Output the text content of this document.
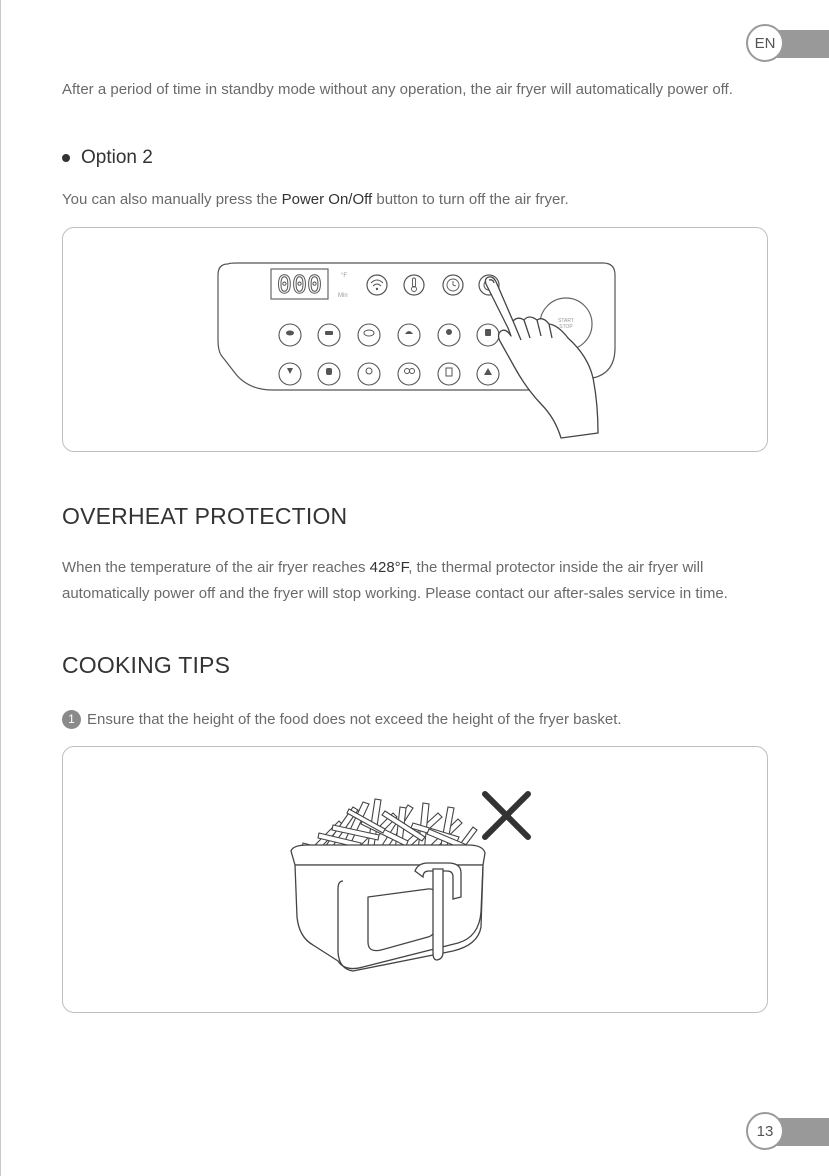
EN

After a period of time in standby mode without any operation, the air fryer will automatically power off.

Option 2

You can also manually press the Power On/Off button to turn off the air fryer.

000	°F
Min
START
STOP
OVERHEAT PROTECTION

When the temperature of the air fryer reaches 428°F, the thermal protector inside the air fryer will automatically power off and the fryer will stop working. Please contact our after-sales service in time.

COOKING TIPS

1 Ensure that the height of the food does not exceed the height of the fryer basket.

13
